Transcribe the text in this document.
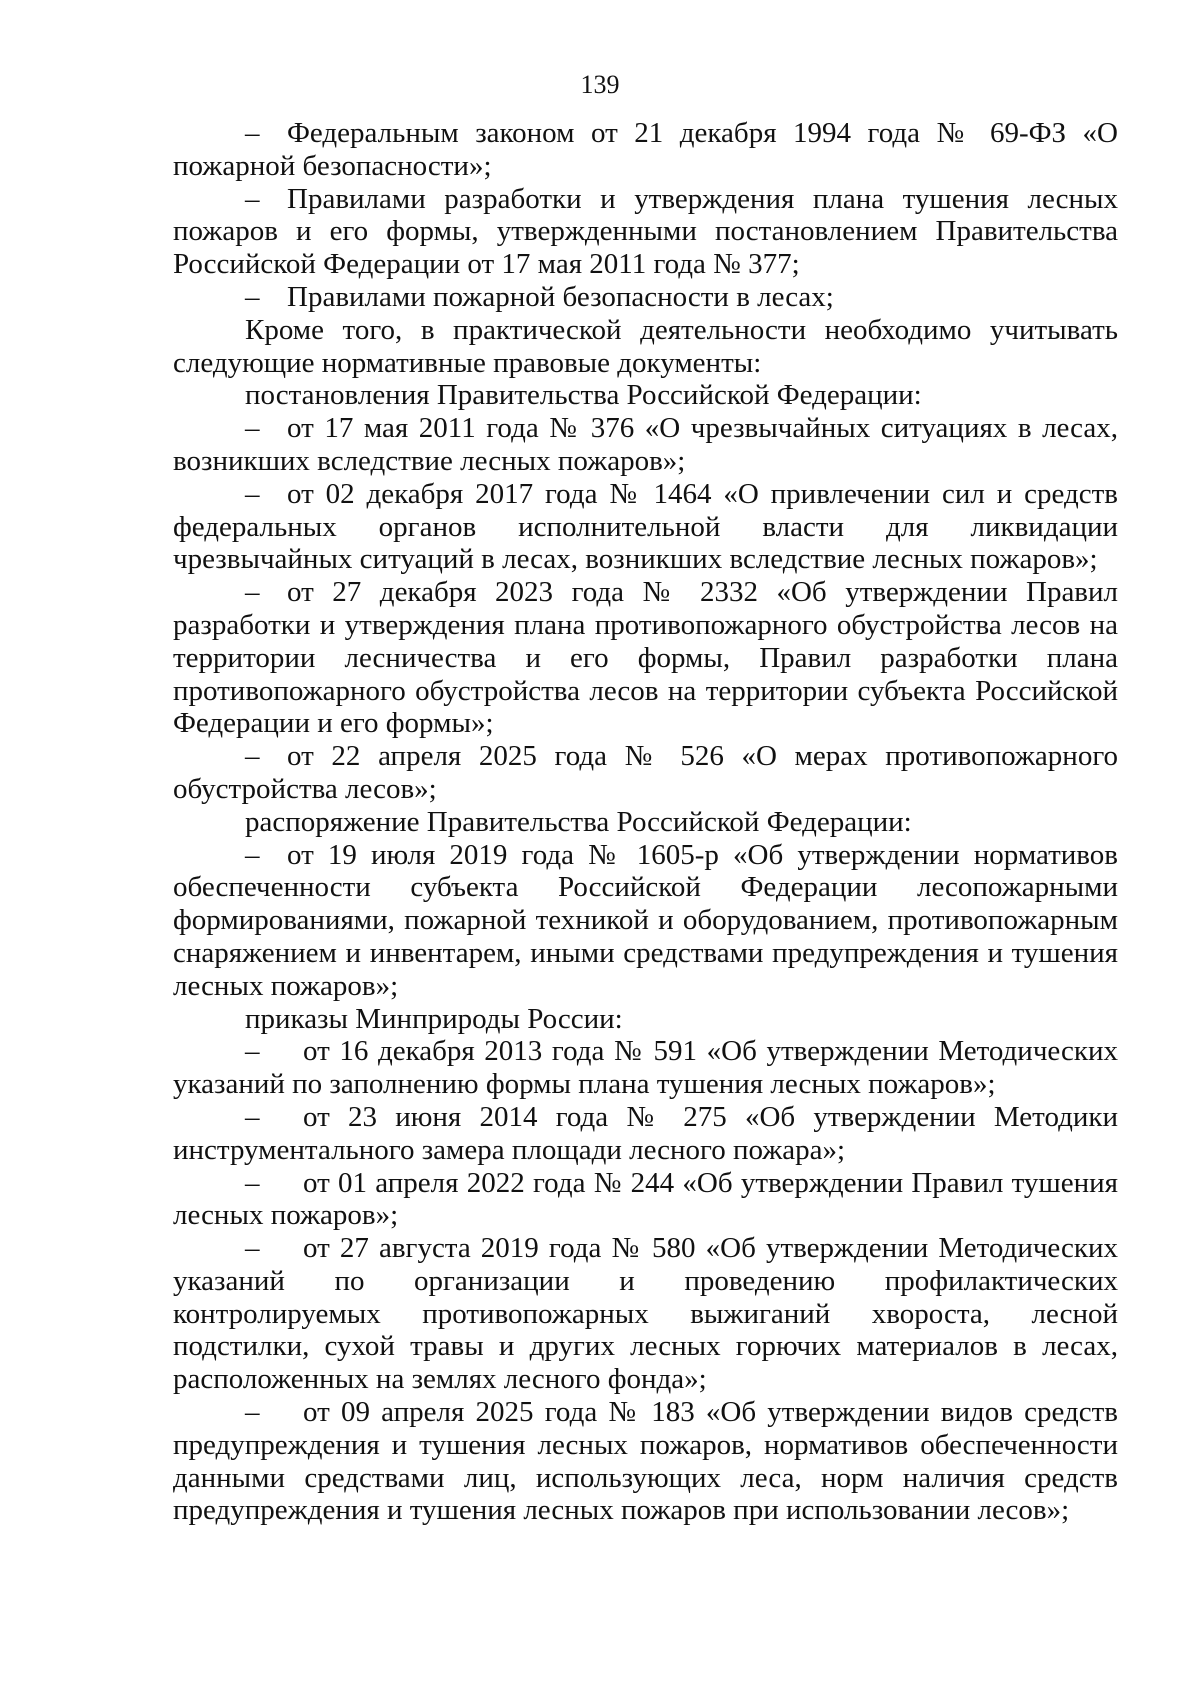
139

– Федеральным законом от 21 декабря 1994 года № 69-ФЗ «О пожарной безопасности»;

– Правилами разработки и утверждения плана тушения лесных пожаров и его формы, утвержденными постановлением Правительства Российской Федерации от 17 мая 2011 года № 377;

– Правилами пожарной безопасности в лесах;

Кроме того, в практической деятельности необходимо учитывать следующие нормативные правовые документы:

постановления Правительства Российской Федерации:

– от 17 мая 2011 года № 376 «О чрезвычайных ситуациях в лесах, возникших вследствие лесных пожаров»;

– от 02 декабря 2017 года № 1464 «О привлечении сил и средств федеральных органов исполнительной власти для ликвидации чрезвычайных ситуаций в лесах, возникших вследствие лесных пожаров»;

– от 27 декабря 2023 года № 2332 «Об утверждении Правил разработки и утверждения плана противопожарного обустройства лесов на территории лесничества и его формы, Правил разработки плана противопожарного обустройства лесов на территории субъекта Российской Федерации и его формы»;

– от 22 апреля 2025 года № 526 «О мерах противопожарного обустройства лесов»;

распоряжение Правительства Российской Федерации:

– от 19 июля 2019 года № 1605-р «Об утверждении нормативов обеспеченности субъекта Российской Федерации лесопожарными формированиями, пожарной техникой и оборудованием, противопожарным снаряжением и инвентарем, иными средствами предупреждения и тушения лесных пожаров»;

приказы Минприроды России:

– от 16 декабря 2013 года № 591 «Об утверждении Методических указаний по заполнению формы плана тушения лесных пожаров»;

– от 23 июня 2014 года № 275 «Об утверждении Методики инструментального замера площади лесного пожара»;

– от 01 апреля 2022 года № 244 «Об утверждении Правил тушения лесных пожаров»;

– от 27 августа 2019 года № 580 «Об утверждении Методических указаний по организации и проведению профилактических контролируемых противопожарных выжиганий хвороста, лесной подстилки, сухой травы и других лесных горючих материалов в лесах, расположенных на землях лесного фонда»;

– от 09 апреля 2025 года № 183 «Об утверждении видов средств предупреждения и тушения лесных пожаров, нормативов обеспеченности данными средствами лиц, использующих леса, норм наличия средств предупреждения и тушения лесных пожаров при использовании лесов»;
